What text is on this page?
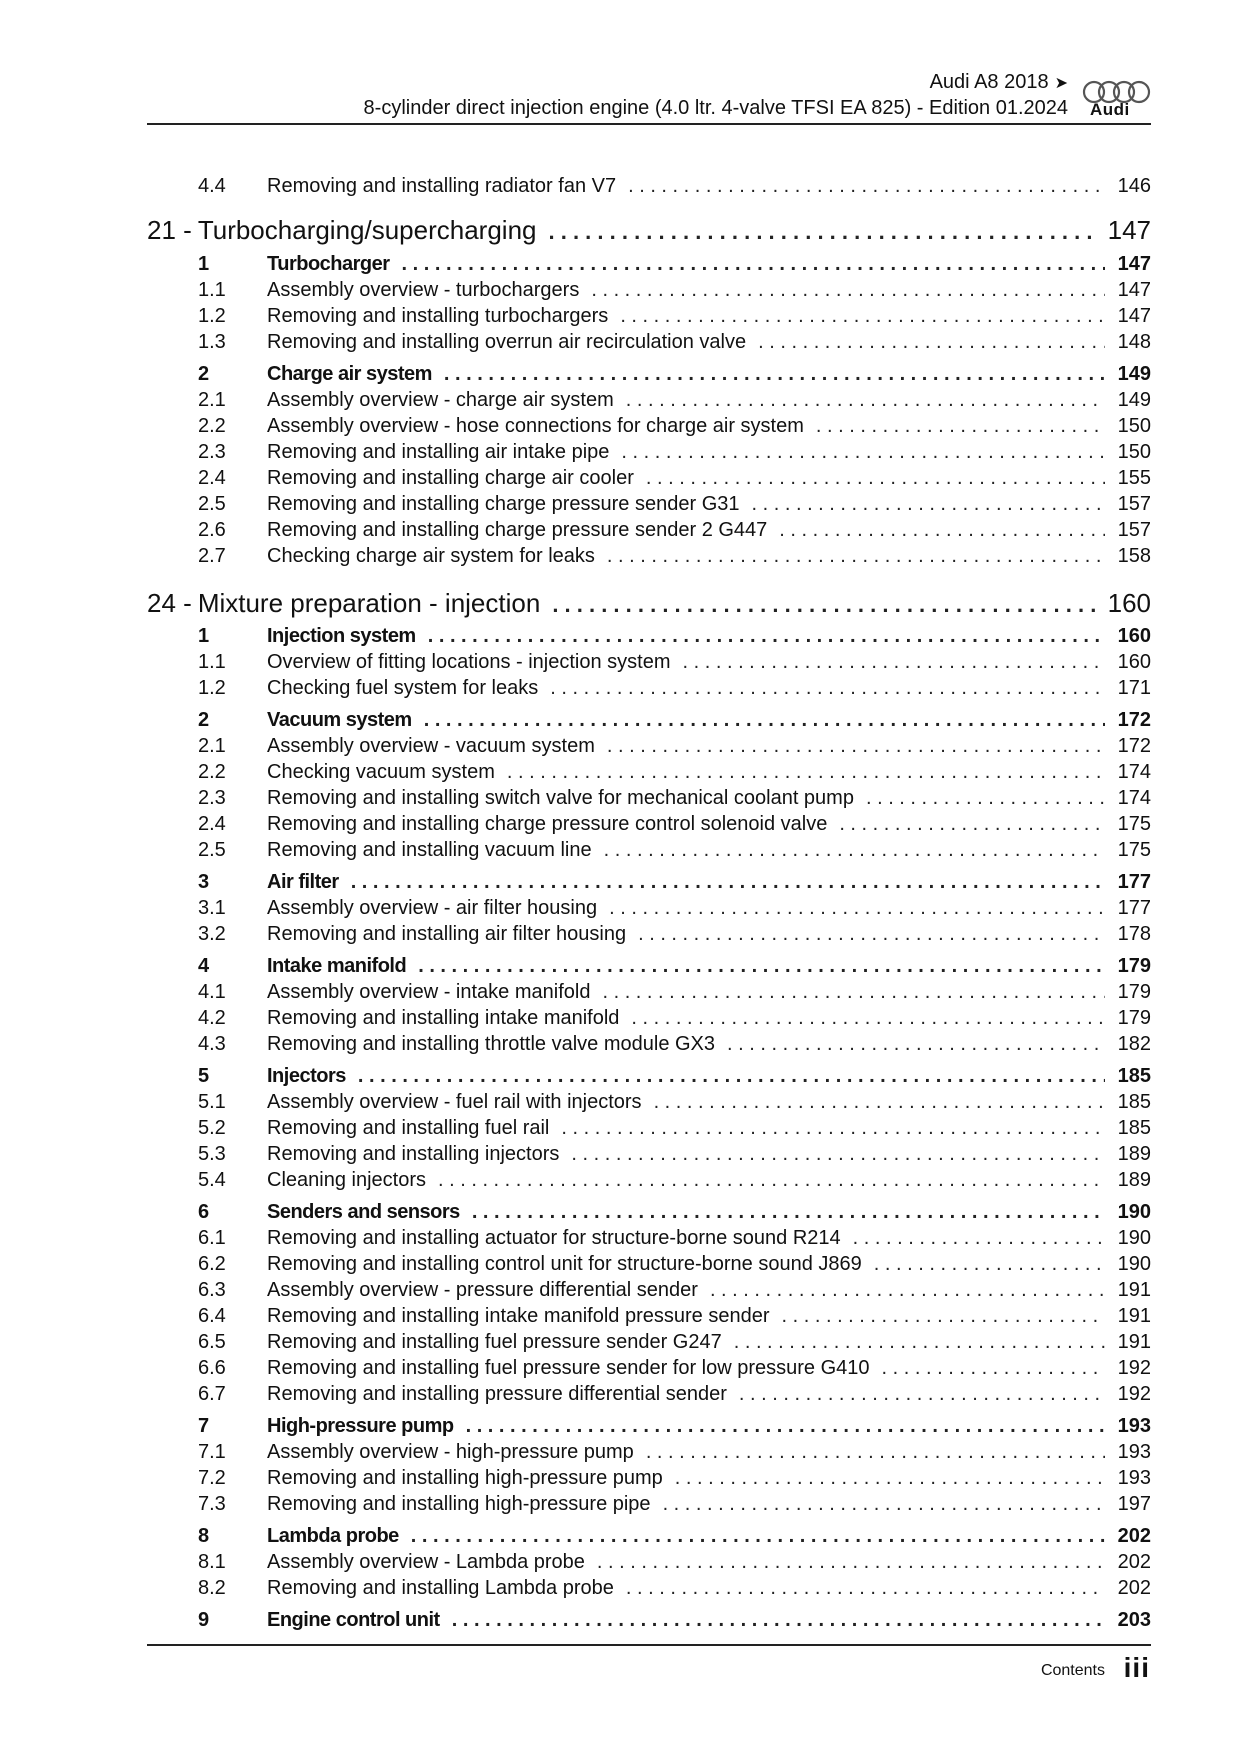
Audi A8 2018 ➤
8-cylinder direct injection engine (4.0 ltr. 4-valve TFSI EA 825) - Edition 01.2024 Audi
4.4	Removing and installing radiator fan V7 . . .	146
21 - Turbocharging/supercharging . . .	147
1	Turbocharger . . .	147
1.1	Assembly overview - turbochargers . . .	147
1.2	Removing and installing turbochargers . . .	147
1.3	Removing and installing overrun air recirculation valve . . .	148
2	Charge air system . . .	149
2.1	Assembly overview - charge air system . . .	149
2.2	Assembly overview - hose connections for charge air system . . .	150
2.3	Removing and installing air intake pipe . . .	150
2.4	Removing and installing charge air cooler . . .	155
2.5	Removing and installing charge pressure sender G31 . . .	157
2.6	Removing and installing charge pressure sender 2 G447 . . .	157
2.7	Checking charge air system for leaks . . .	158
24 - Mixture preparation - injection . . .	160
1	Injection system . . .	160
1.1	Overview of fitting locations - injection system . . .	160
1.2	Checking fuel system for leaks . . .	171
2	Vacuum system . . .	172
2.1	Assembly overview - vacuum system . . .	172
2.2	Checking vacuum system . . .	174
2.3	Removing and installing switch valve for mechanical coolant pump . . .	174
2.4	Removing and installing charge pressure control solenoid valve . . .	175
2.5	Removing and installing vacuum line . . .	175
3	Air filter . . .	177
3.1	Assembly overview - air filter housing . . .	177
3.2	Removing and installing air filter housing . . .	178
4	Intake manifold . . .	179
4.1	Assembly overview - intake manifold . . .	179
4.2	Removing and installing intake manifold . . .	179
4.3	Removing and installing throttle valve module GX3 . . .	182
5	Injectors . . .	185
5.1	Assembly overview - fuel rail with injectors . . .	185
5.2	Removing and installing fuel rail . . .	185
5.3	Removing and installing injectors . . .	189
5.4	Cleaning injectors . . .	189
6	Senders and sensors . . .	190
6.1	Removing and installing actuator for structure-borne sound R214 . . .	190
6.2	Removing and installing control unit for structure-borne sound J869 . . .	190
6.3	Assembly overview - pressure differential sender . . .	191
6.4	Removing and installing intake manifold pressure sender . . .	191
6.5	Removing and installing fuel pressure sender G247 . . .	191
6.6	Removing and installing fuel pressure sender for low pressure G410 . . .	192
6.7	Removing and installing pressure differential sender . . .	192
7	High-pressure pump . . .	193
7.1	Assembly overview - high-pressure pump . . .	193
7.2	Removing and installing high-pressure pump . . .	193
7.3	Removing and installing high-pressure pipe . . .	197
8	Lambda probe . . .	202
8.1	Assembly overview - Lambda probe . . .	202
8.2	Removing and installing Lambda probe . . .	202
9	Engine control unit . . .	203
Contents iii
